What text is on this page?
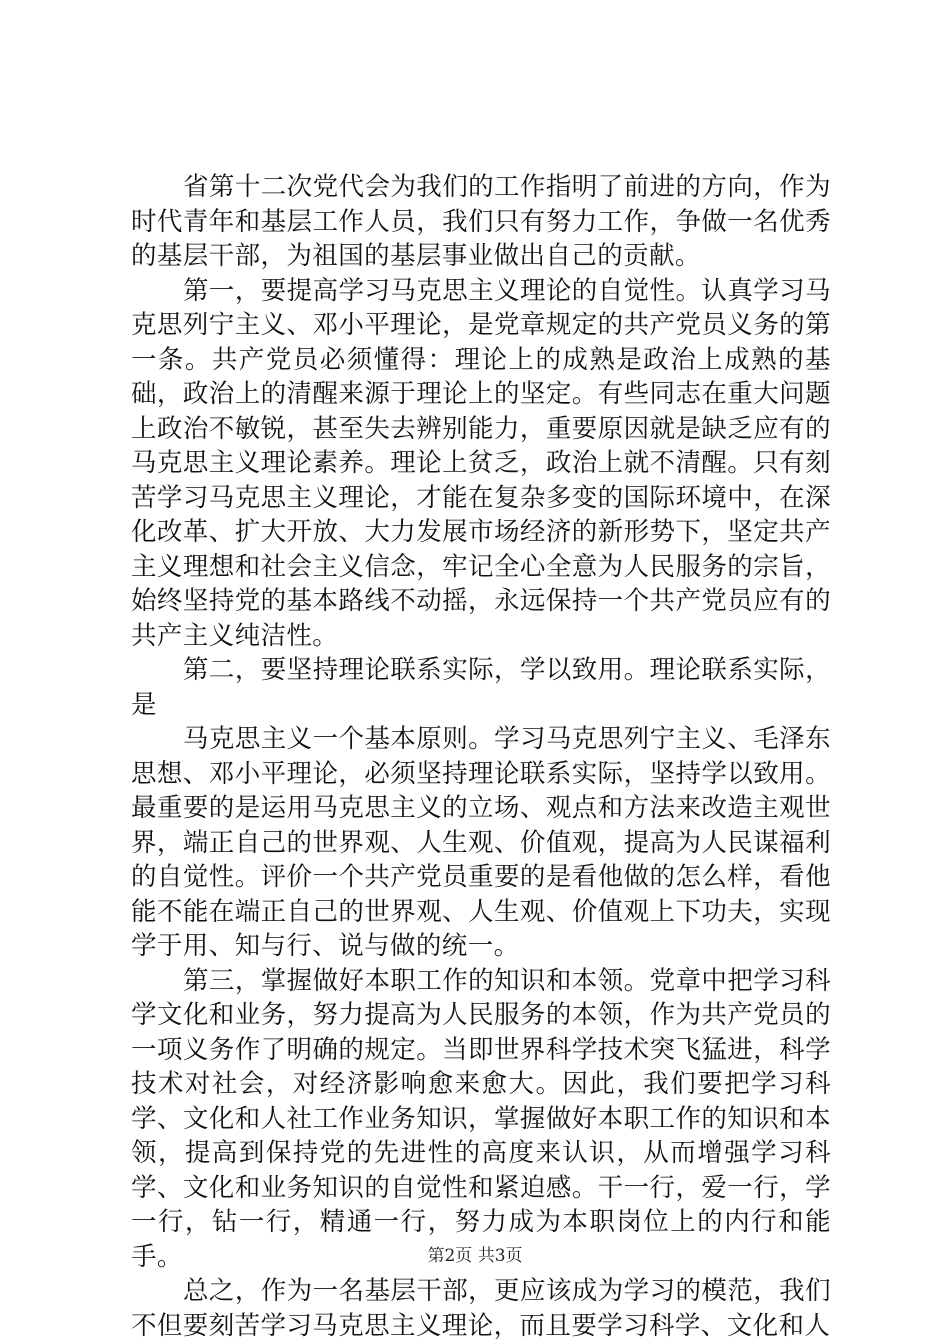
省第十二次党代会为我们的工作指明了前进的方向，作为时代青年和基层工作人员，我们只有努力工作，争做一名优秀的基层干部，为祖国的基层事业做出自己的贡献。

第一，要提高学习马克思主义理论的自觉性。认真学习马克思列宁主义、邓小平理论，是党章规定的共产党员义务的第一条。共产党员必须懂得：理论上的成熟是政治上成熟的基础，政治上的清醒来源于理论上的坚定。有些同志在重大问题上政治不敏锐，甚至失去辨别能力，重要原因就是缺乏应有的马克思主义理论素养。理论上贫乏，政治上就不清醒。只有刻苦学习马克思主义理论，才能在复杂多变的国际环境中，在深化改革、扩大开放、大力发展市场经济的新形势下，坚定共产主义理想和社会主义信念，牢记全心全意为人民服务的宗旨，始终坚持党的基本路线不动摇，永远保持一个共产党员应有的共产主义纯洁性。

第二，要坚持理论联系实际，学以致用。理论联系实际，是

马克思主义一个基本原则。学习马克思列宁主义、毛泽东思想、邓小平理论，必须坚持理论联系实际，坚持学以致用。最重要的是运用马克思主义的立场、观点和方法来改造主观世界，端正自己的世界观、人生观、价值观，提高为人民谋福利的自觉性。评价一个共产党员重要的是看他做的怎么样，看他能不能在端正自己的世界观、人生观、价值观上下功夫，实现学于用、知与行、说与做的统一。

第三，掌握做好本职工作的知识和本领。党章中把学习科学文化和业务，努力提高为人民服务的本领，作为共产党员的一项义务作了明确的规定。当即世界科学技术突飞猛进，科学技术对社会，对经济影响愈来愈大。因此，我们要把学习科学、文化和人社工作业务知识，掌握做好本职工作的知识和本领，提高到保持党的先进性的高度来认识，从而增强学习科学、文化和业务知识的自觉性和紧迫感。干一行，爱一行，学一行，钻一行，精通一行，努力成为本职岗位上的内行和能手。

总之，作为一名基层干部，更应该成为学习的模范，我们不但要刻苦学习马克思主义理论，而且要学习科学、文化和人

第2页 共3页
